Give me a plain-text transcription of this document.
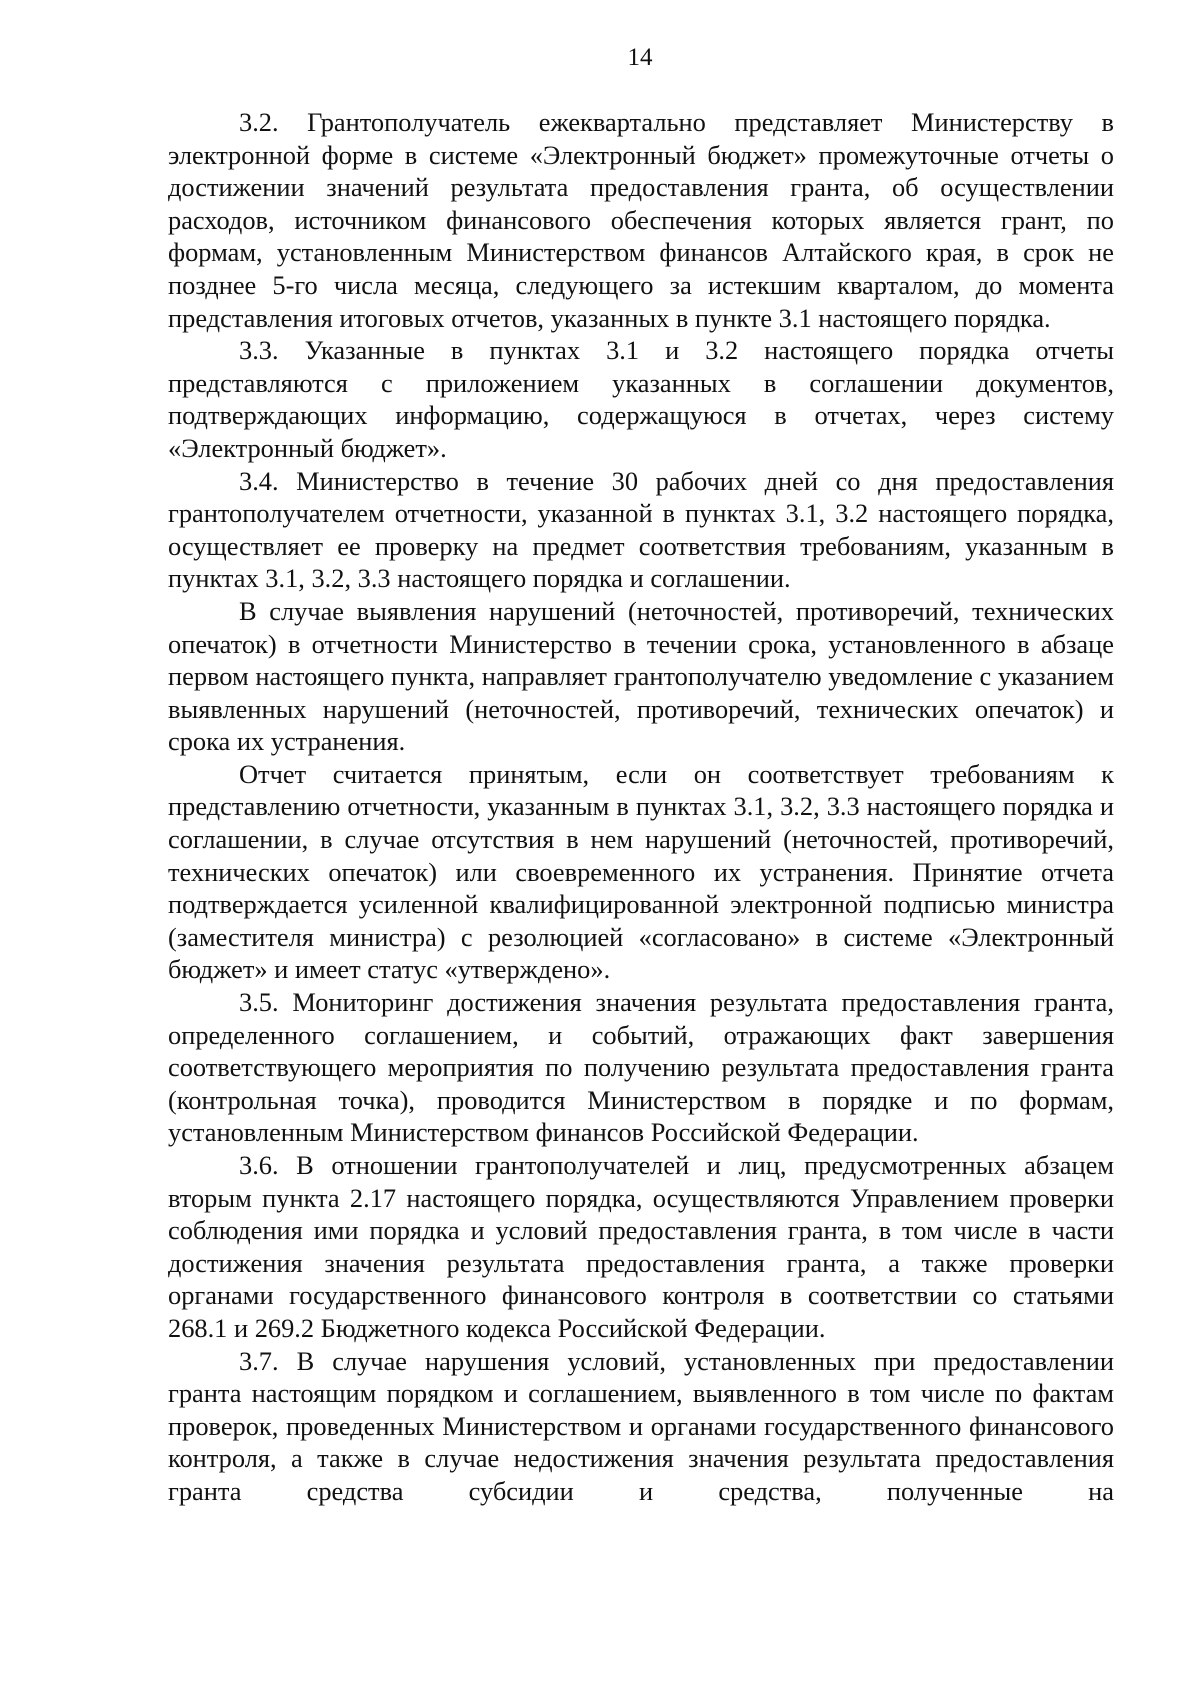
14

3.2. Грантополучатель ежеквартально представляет Министерству в электронной форме в системе «Электронный бюджет» промежуточные отчеты о достижении значений результата предоставления гранта, об осуществлении расходов, источником финансового обеспечения которых является грант, по формам, установленным Министерством финансов Алтайского края, в срок не позднее 5-го числа месяца, следующего за истекшим кварталом, до момента представления итоговых отчетов, указанных в пункте 3.1 настоящего порядка.

3.3. Указанные в пунктах 3.1 и 3.2 настоящего порядка отчеты представляются с приложением указанных в соглашении документов, подтверждающих информацию, содержащуюся в отчетах, через систему «Электронный бюджет».

3.4. Министерство в течение 30 рабочих дней со дня предоставления грантополучателем отчетности, указанной в пунктах 3.1, 3.2 настоящего порядка, осуществляет ее проверку на предмет соответствия требованиям, указанным в пунктах 3.1, 3.2, 3.3 настоящего порядка и соглашении.

В случае выявления нарушений (неточностей, противоречий, технических опечаток) в отчетности Министерство в течении срока, установленного в абзаце первом настоящего пункта, направляет грантополучателю уведомление с указанием выявленных нарушений (неточностей, противоречий, технических опечаток) и срока их устранения.

Отчет считается принятым, если он соответствует требованиям к представлению отчетности, указанным в пунктах 3.1, 3.2, 3.3 настоящего порядка и соглашении, в случае отсутствия в нем нарушений (неточностей, противоречий, технических опечаток) или своевременного их устранения. Принятие отчета подтверждается усиленной квалифицированной электронной подписью министра (заместителя министра) с резолюцией «согласовано» в системе «Электронный бюджет» и имеет статус «утверждено».

3.5. Мониторинг достижения значения результата предоставления гранта, определенного соглашением, и событий, отражающих факт завершения соответствующего мероприятия по получению результата предоставления гранта (контрольная точка), проводится Министерством в порядке и по формам, установленным Министерством финансов Российской Федерации.

3.6. В отношении грантополучателей и лиц, предусмотренных абзацем вторым пункта 2.17 настоящего порядка, осуществляются Управлением проверки соблюдения ими порядка и условий предоставления гранта, в том числе в части достижения значения результата предоставления гранта, а также проверки органами государственного финансового контроля в соответствии со статьями 268.1 и 269.2 Бюджетного кодекса Российской Федерации.

3.7. В случае нарушения условий, установленных при предоставлении гранта настоящим порядком и соглашением, выявленного в том числе по фактам проверок, проведенных Министерством и органами государственного финансового контроля, а также в случае недостижения значения результата предоставления гранта средства субсидии и средства, полученные на
